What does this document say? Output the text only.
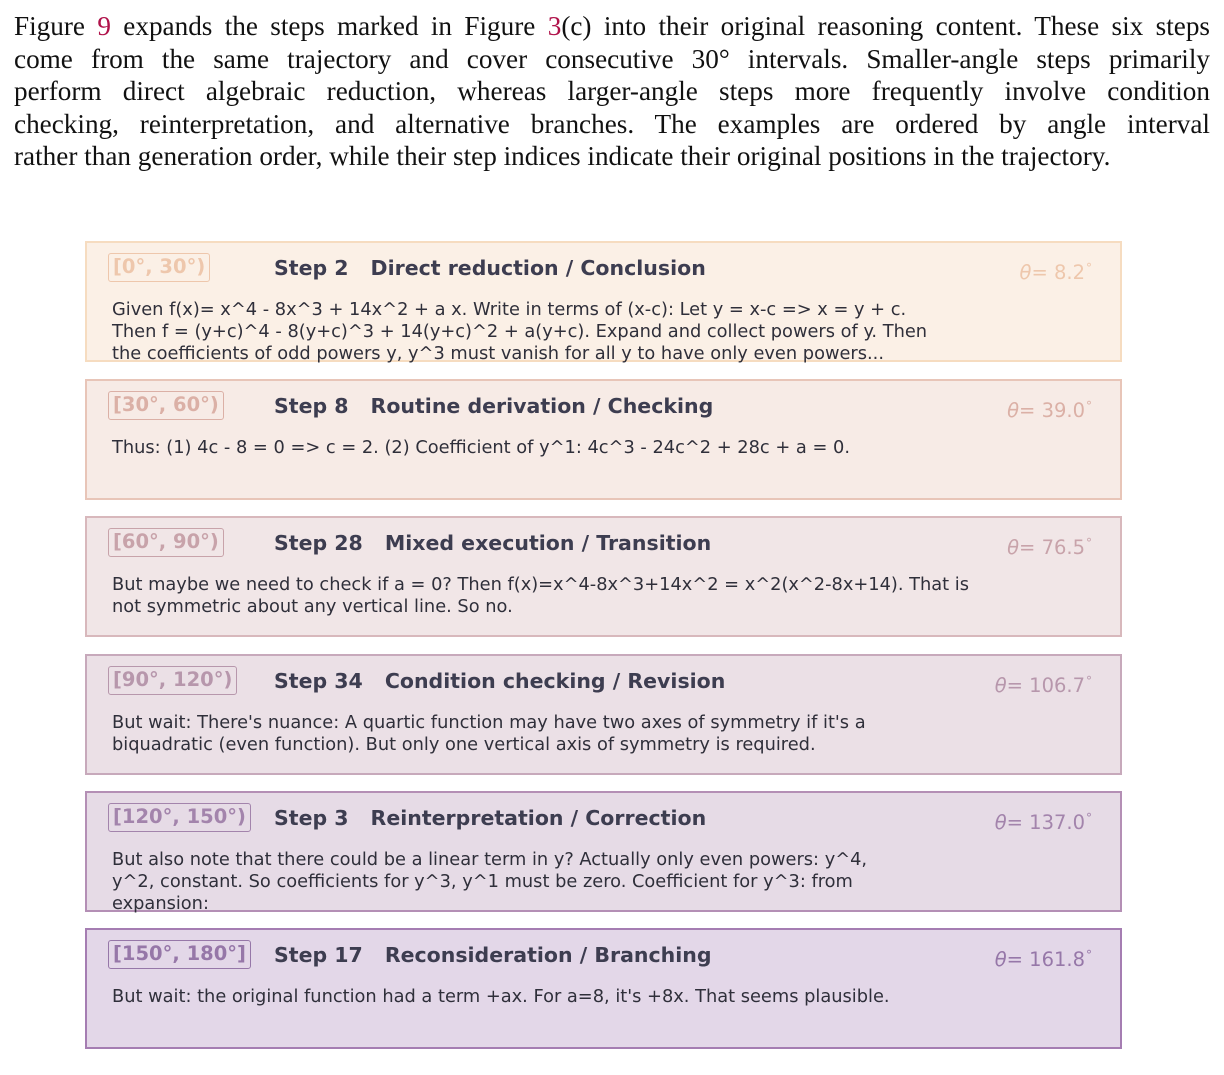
Figure 9 expands the steps marked in Figure 3(c) into their original reasoning content. These six steps
come from the same trajectory and cover consecutive 30° intervals. Smaller-angle steps primarily
perform direct algebraic reduction, whereas larger-angle steps more frequently involve condition
checking, reinterpretation, and alternative branches. The examples are ordered by angle interval
rather than generation order, while their step indices indicate their original positions in the trajectory.
[0°, 30°)	Step 2 Direct reduction / Conclusion	θ= 8.2°
Given f(x)= x^4 - 8x^3 + 14x^2 + a x. Write in terms of (x-c): Let y = x-c => x = y + c.
Then f = (y+c)^4 - 8(y+c)^3 + 14(y+c)^2 + a(y+c). Expand and collect powers of y. Then
the coefficients of odd powers y, y^3 must vanish for all y to have only even powers...
[30°, 60°)	Step 8 Routine derivation / Checking	θ= 39.0°
Thus: (1) 4c - 8 = 0 => c = 2. (2) Coefficient of y^1: 4c^3 - 24c^2 + 28c + a = 0.
[60°, 90°)	Step 28 Mixed execution / Transition	θ= 76.5°
But maybe we need to check if a = 0? Then f(x)=x^4-8x^3+14x^2 = x^2(x^2-8x+14). That is
not symmetric about any vertical line. So no.
[90°, 120°) Step 34 Condition checking / Revision	θ= 106.7°
But wait: There's nuance: A quartic function may have two axes of symmetry if it's a
biquadratic (even function). But only one vertical axis of symmetry is required.
[120°, 150°) Step 3 Reinterpretation / Correction	θ= 137.0°
But also note that there could be a linear term in y? Actually only even powers: y^4,
y^2, constant. So coefficients for y^3, y^1 must be zero. Coefficient for y^3: from
expansion:
[150°, 180°] Step 17 Reconsideration / Branching	θ= 161.8°
But wait: the original function had a term +ax. For a=8, it's +8x. That seems plausible.
